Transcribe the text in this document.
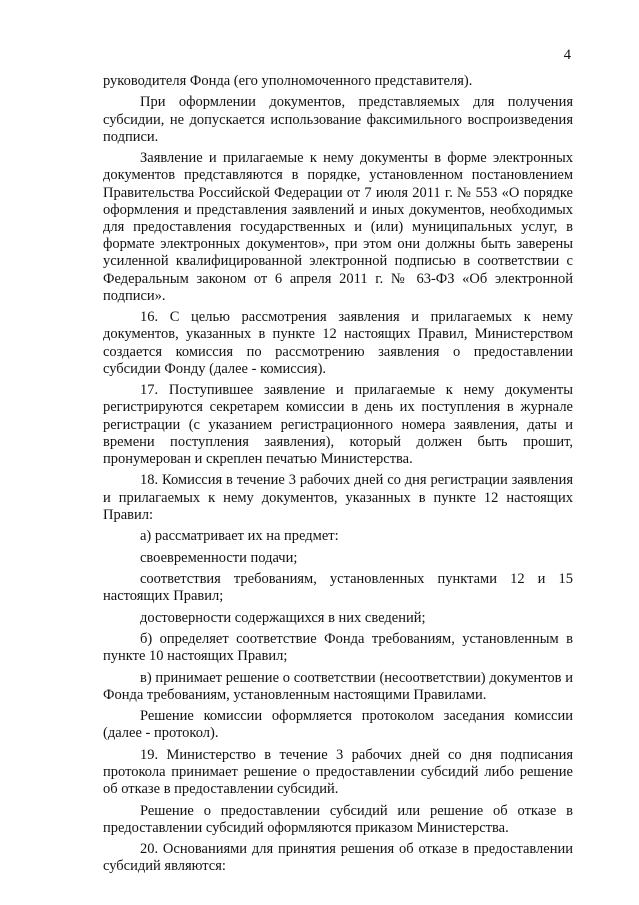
4

руководителя Фонда (его уполномоченного представителя).

При оформлении документов, представляемых для получения субсидии, не допускается использование факсимильного воспроизведения подписи.

Заявление и прилагаемые к нему документы в форме электронных документов представляются в порядке, установленном постановлением Правительства Российской Федерации от 7 июля 2011 г. № 553 «О порядке оформления и представления заявлений и иных документов, необходимых для предоставления государственных и (или) муниципальных услуг, в формате электронных документов», при этом они должны быть заверены усиленной квалифицированной электронной подписью в соответствии с Федеральным законом от 6 апреля 2011 г. № 63-ФЗ «Об электронной подписи».

16. С целью рассмотрения заявления и прилагаемых к нему документов, указанных в пункте 12 настоящих Правил, Министерством создается комиссия по рассмотрению заявления о предоставлении субсидии Фонду (далее - комиссия).

17. Поступившее заявление и прилагаемые к нему документы регистрируются секретарем комиссии в день их поступления в журнале регистрации (с указанием регистрационного номера заявления, даты и времени поступления заявления), который должен быть прошит, пронумерован и скреплен печатью Министерства.

18. Комиссия в течение 3 рабочих дней со дня регистрации заявления и прилагаемых к нему документов, указанных в пункте 12 настоящих Правил:

а) рассматривает их на предмет:

своевременности подачи;

соответствия требованиям, установленных пунктами 12 и 15 настоящих Правил;

достоверности содержащихся в них сведений;

б) определяет соответствие Фонда требованиям, установленным в пункте 10 настоящих Правил;

в) принимает решение о соответствии (несоответствии) документов и Фонда требованиям, установленным настоящими Правилами.

Решение комиссии оформляется протоколом заседания комиссии (далее - протокол).

19. Министерство в течение 3 рабочих дней со дня подписания протокола принимает решение о предоставлении субсидий либо решение об отказе в предоставлении субсидий.

Решение о предоставлении субсидий или решение об отказе в предоставлении субсидий оформляются приказом Министерства.

20. Основаниями для принятия решения об отказе в предоставлении субсидий являются:
